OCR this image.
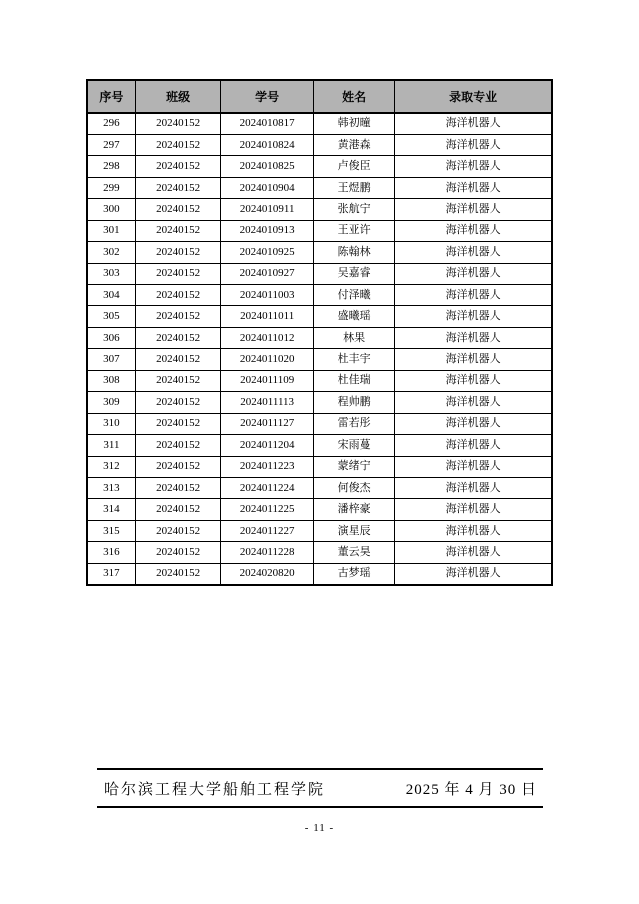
序号	班级	学号	姓名	录取专业
296	20240152	2024010817	韩初曈	海洋机器人
297	20240152	2024010824	黄港森	海洋机器人
298	20240152	2024010825	卢俊臣	海洋机器人
299	20240152	2024010904	王煜鹏	海洋机器人
300	20240152	2024010911	张航宁	海洋机器人
301	20240152	2024010913	王亚许	海洋机器人
302	20240152	2024010925	陈翰林	海洋机器人
303	20240152	2024010927	吴嘉睿	海洋机器人
304	20240152	2024011003	付泽曦	海洋机器人
305	20240152	2024011011	盛曦瑶	海洋机器人
306	20240152	2024011012	林果	海洋机器人
307	20240152	2024011020	杜丰宇	海洋机器人
308	20240152	2024011109	杜佳瑞	海洋机器人
309	20240152	2024011113	程帅鹏	海洋机器人
310	20240152	2024011127	雷若彤	海洋机器人
311	20240152	2024011204	宋雨蔓	海洋机器人
312	20240152	2024011223	蒙绪宁	海洋机器人
313	20240152	2024011224	何俊杰	海洋机器人
314	20240152	2024011225	潘梓豪	海洋机器人
315	20240152	2024011227	演星辰	海洋机器人
316	20240152	2024011228	董云昊	海洋机器人
317	20240152	2024020820	古梦瑶	海洋机器人
哈尔滨工程大学船舶工程学院	2025 年 4 月 30 日
- 11 -
